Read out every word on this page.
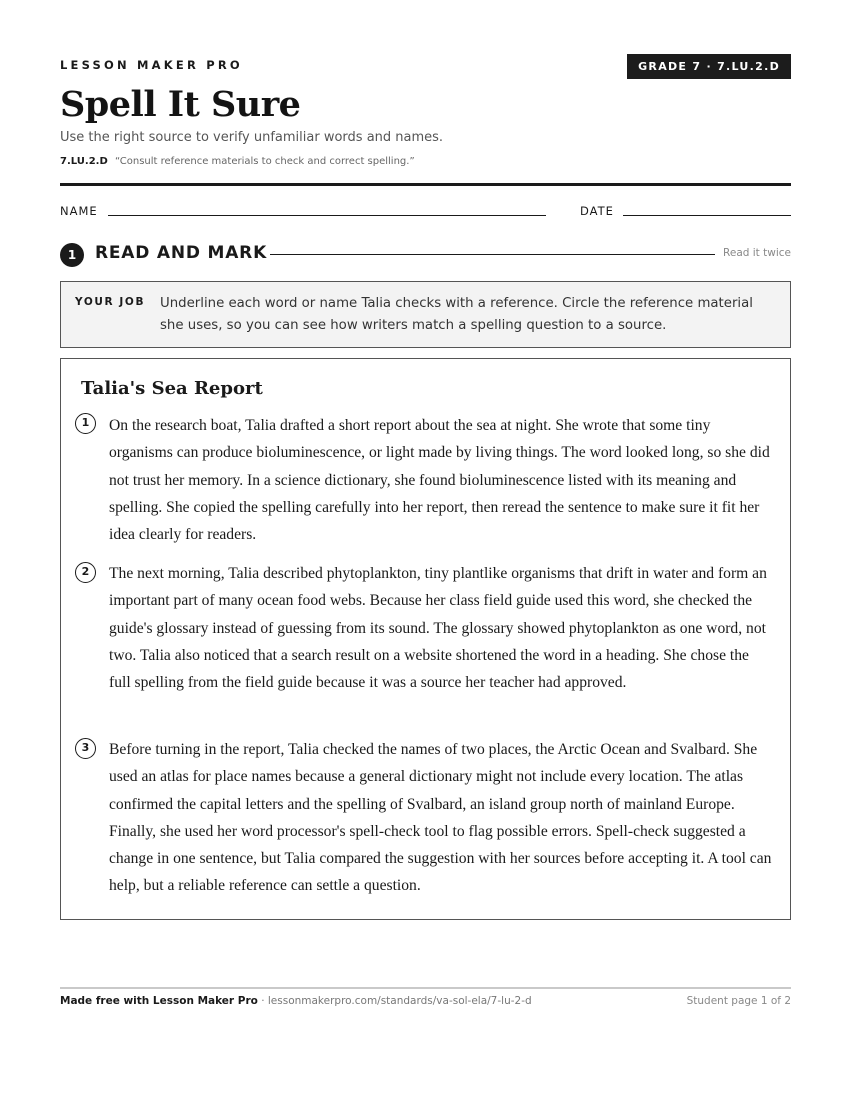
LESSON MAKER PRO	GRADE 7 · 7.LU.2.D
Spell It Sure
Use the right source to verify unfamiliar words and names.
7.LU.2.D “Consult reference materials to check and correct spelling.”
NAME	DATE
1	READ AND MARK	Read it twice
YOUR JOB Underline each word or name Talia checks with a reference. Circle the reference material she uses, so you can see how writers match a spelling question to a source.
Talia's Sea Report
1	On the research boat, Talia drafted a short report about the sea at night. She wrote that some tiny organisms can produce bioluminescence, or light made by living things. The word looked long, so she did not trust her memory. In a science dictionary, she found bioluminescence listed with its meaning and spelling. She copied the spelling carefully into her report, then reread the sentence to make sure it fit her idea clearly for readers.
2	The next morning, Talia described phytoplankton, tiny plantlike organisms that drift in water and form an important part of many ocean food webs. Because her class field guide used this word, she checked the guide's glossary instead of guessing from its sound. The glossary showed phytoplankton as one word, not two. Talia also noticed that a search result on a website shortened the word in a heading. She chose the full spelling from the field guide because it was a source her teacher had approved.
3	Before turning in the report, Talia checked the names of two places, the Arctic Ocean and Svalbard. She used an atlas for place names because a general dictionary might not include every location. The atlas confirmed the capital letters and the spelling of Svalbard, an island group north of mainland Europe. Finally, she used her word processor's spell-check tool to flag possible errors. Spell-check suggested a change in one sentence, but Talia compared the suggestion with her sources before accepting it. A tool can help, but a reliable reference can settle a question.
Made free with Lesson Maker Pro · lessonmakerpro.com/standards/va-sol-ela/7-lu-2-d	Student page 1 of 2
